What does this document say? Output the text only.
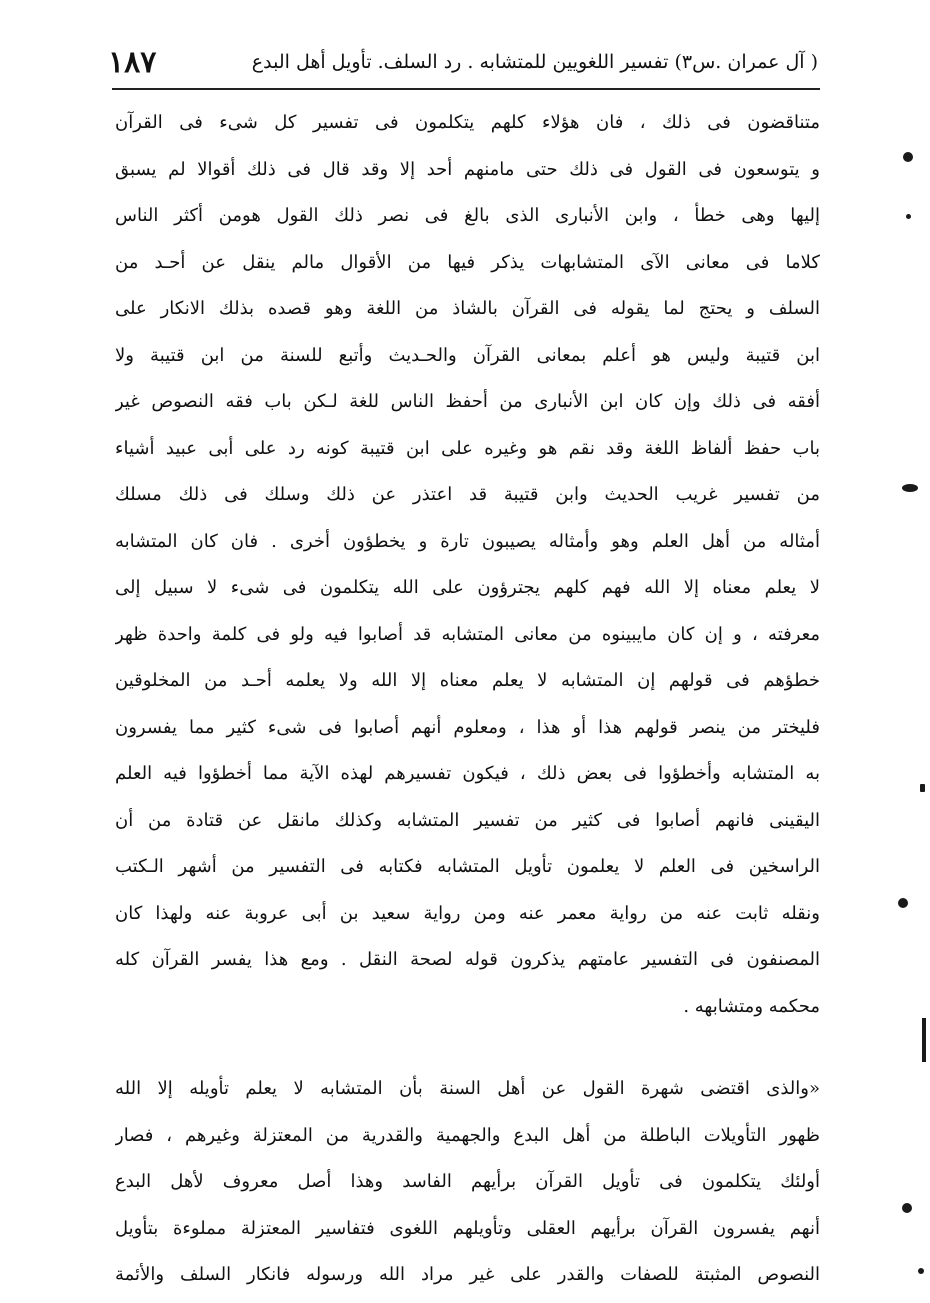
( آل عمران .س٣) تفسير اللغويين للمتشابه . رد السلف. تأويل أهل البدع
١٨٧
متناقضون فى ذلك ، فان هؤلاء كلهم يتكلمون فى تفسير كل شىء فى القرآن
و يتوسعون فى القول فى ذلك حتى مامنهم أحد إلا وقد قال فى ذلك أقوالا لم يسبق
إليها وهى خطأ ، وابن الأنبارى الذى بالغ فى نصر ذلك القول هومن أكثر الناس
كلاما فى معانى الآى المتشابهات يذكر فيها من الأقوال مالم ينقل عن أحـد من
السلف و يحتج لما يقوله فى القرآن بالشاذ من اللغة وهو قصده بذلك الانكار على
ابن قتيبة وليس هو أعلم بمعانى القرآن والحـديث وأتبع للسنة من ابن قتيبة ولا
أفقه فى ذلك وإن كان ابن الأنبارى من أحفظ الناس للغة لـكن باب فقه النصوص غير
باب حفظ ألفاظ اللغة وقد نقم هو وغيره على ابن قتيبة كونه رد على أبى عبيد أشياء
من تفسير غريب الحديث وابن قتيبة قد اعتذر عن ذلك وسلك فى ذلك مسلك
أمثاله من أهل العلم وهو وأمثاله يصيبون تارة و يخطؤون أخرى . فان كان المتشابه
لا يعلم معناه إلا الله فهم كلهم يجترؤون على الله يتكلمون فى شىء لا سبيل إلى
معرفته ، و إن كان مايبينوه من معانى المتشابه قد أصابوا فيه ولو فى كلمة واحدة ظهر
خطؤهم فى قولهم إن المتشابه لا يعلم معناه إلا الله ولا يعلمه أحـد من المخلوقين
فليختر من ينصر قولهم هذا أو هذا ، ومعلوم أنهم أصابوا فى شىء كثير مما يفسرون
به المتشابه وأخطؤوا فى بعض ذلك ، فيكون تفسيرهم لهذه الآية مما أخطؤوا فيه العلم
اليقينى فانهم أصابوا فى كثير من تفسير المتشابه وكذلك مانقل عن قتادة من أن
الراسخين فى العلم لا يعلمون تأويل المتشابه فكتابه فى التفسير من أشهر الـكتب
ونقله ثابت عنه من رواية معمر عنه ومن رواية سعيد بن أبى عروبة عنه ولهذا كان
المصنفون فى التفسير عامتهم يذكرون قوله لصحة النقل . ومع هذا يفسر القرآن كله
محكمه ومتشابهه .
«والذى اقتضى شهرة القول عن أهل السنة بأن المتشابه لا يعلم تأويله إلا الله
ظهور التأويلات الباطلة من أهل البدع والجهمية والقدرية من المعتزلة وغيرهم ، فصار
أولئك يتكلمون فى تأويل القرآن برأيهم الفاسد وهذا أصل معروف لأهل البدع
أنهم يفسرون القرآن برأيهم العقلى وتأويلهم اللغوى فتفاسير المعتزلة مملوءة بتأويل
النصوص المثبتة للصفات والقدر على غير مراد الله ورسوله فانكار السلف والأئمة
